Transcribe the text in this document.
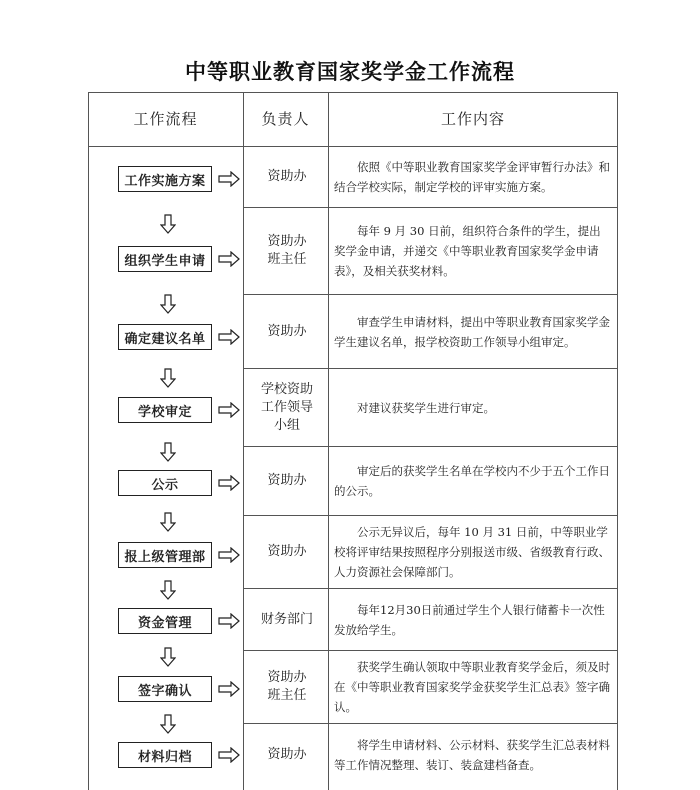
中等职业教育国家奖学金工作流程
工作流程	负责人	工作内容
工作实施方案
组织学生申请
确定建议名单
学校审定
公示
报上级管理部
资金管理
签字确认
材料归档
资助办
资助办
班主任
资助办
学校资助
工作领导
小组
资助办
资助办
财务部门
资助办
班主任
资助办
依照《中等职业教育国家奖学金评审暂行办法》和结合学校实际，制定学校的评审实施方案。
每年 9 月 30 日前，组织符合条件的学生，提出奖学金申请，并递交《中等职业教育国家奖学金申请表》，及相关获奖材料。
审查学生申请材料，提出中等职业教育国家奖学金学生建议名单，报学校资助工作领导小组审定。
对建议获奖学生进行审定。
审定后的获奖学生名单在学校内不少于五个工作日的公示。
公示无异议后，每年 10 月 31 日前，中等职业学校将评审结果按照程序分别报送市级、省级教育行政、人力资源社会保障部门。
每年12月30日前通过学生个人银行储蓄卡一次性发放给学生。
获奖学生确认领取中等职业教育奖学金后，须及时在《中等职业教育国家奖学金获奖学生汇总表》签字确认。
将学生申请材料、公示材料、获奖学生汇总表材料等工作情况整理、装订、装盒建档备查。
